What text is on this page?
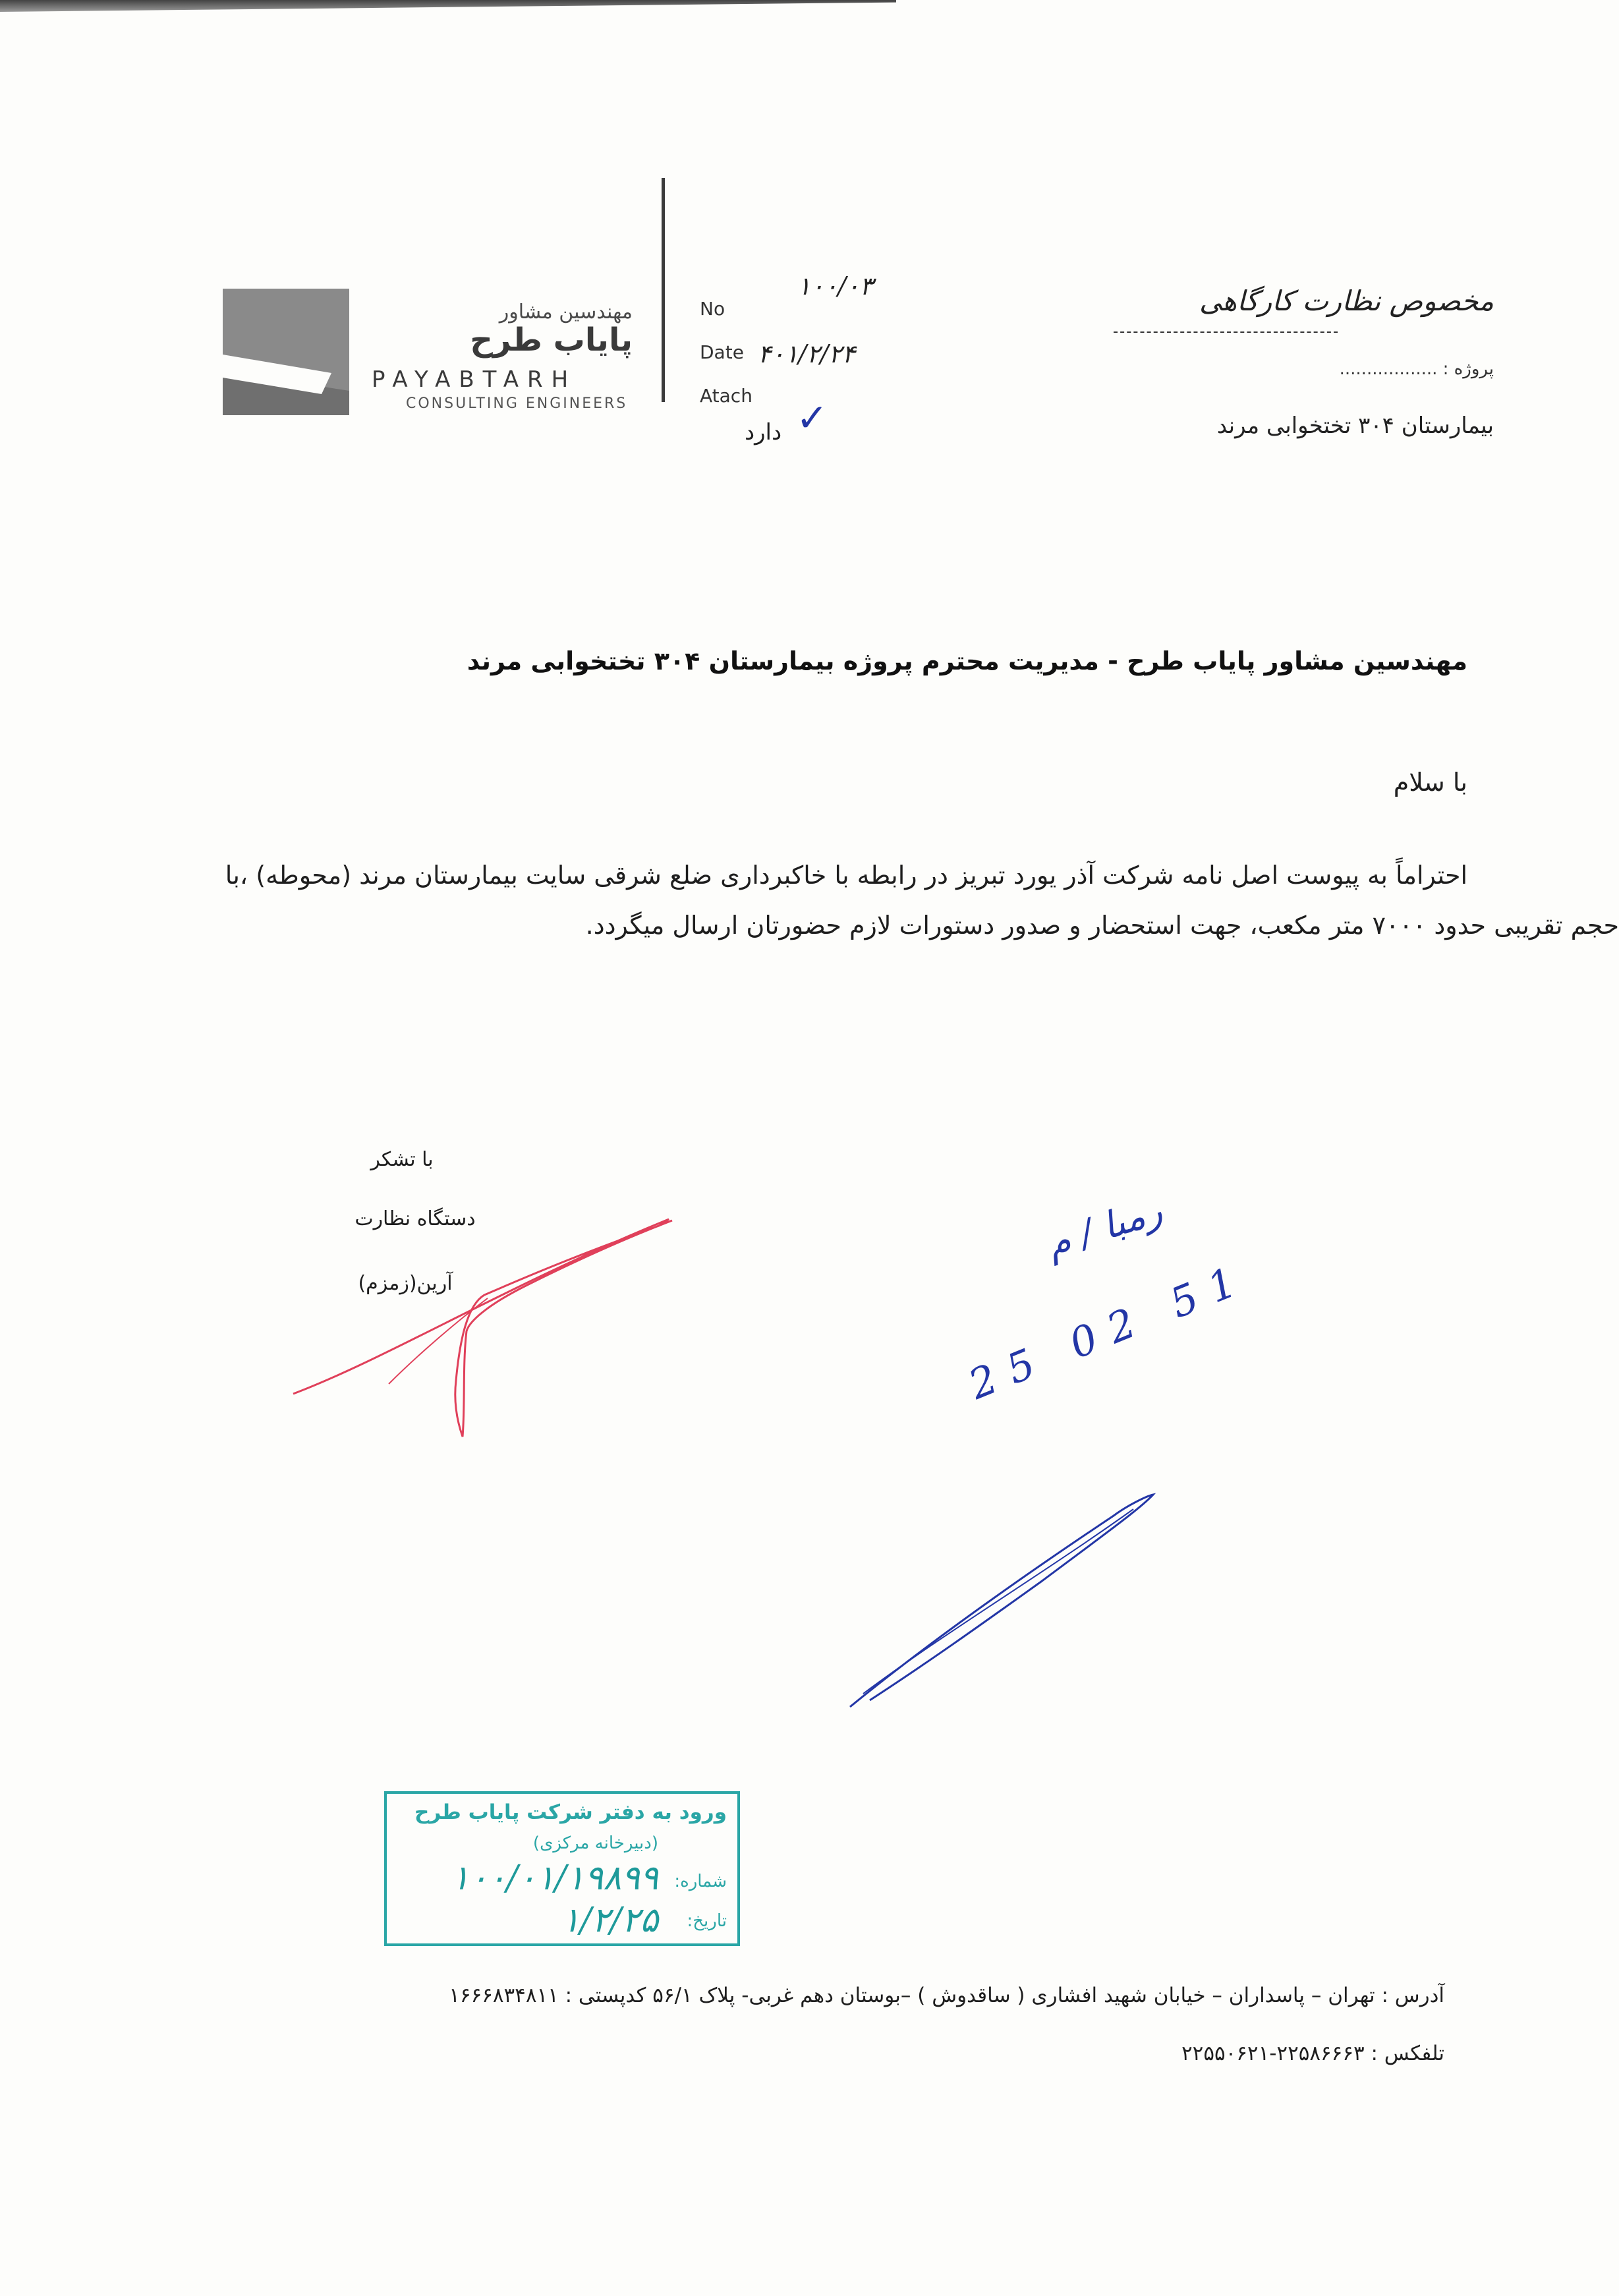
مهندسین مشاور
پایاب طرح
PAYABTARH
CONSULTING ENGINEERS
No
۱۰۰/۰۳
Date ۴۰۱/۲/۲۴
Atach ✓
دارد
مخصوص نظارت کارگاهی
پروژه : ..................
بیمارستان ۳۰۴ تختخوابی مرند
مهندسین مشاور پایاب طرح - مدیریت محترم پروژه بیمارستان ۳۰۴ تختخوابی مرند
با سلام
احتراماً به پیوست اصل نامه شرکت آذر یورد تبریز در رابطه با خاکبرداری ضلع شرقی سایت بیمارستان مرند (محوطه) ،با
حجم تقریبی حدود ۷۰۰۰ متر مکعب، جهت استحضار و صدور دستورات لازم حضورتان ارسال میگردد.
با تشکر
دستگاه نظارت
آرین(زمزم)
رمبا / م
25 02 51
ورود به دفتر شرکت پایاب طرح
(دبیرخانه مرکزی)
شماره:
۱۰۰/۰۱/۱۹۸۹۹
تاریخ:
۱/۲/۲۵
آدرس : تهران – پاسداران – خیابان شهید افشاری ( ساقدوش ) –بوستان دهم غربی- پلاک ۵۶/۱ کدپستی : ۱۶۶۶۸۳۴۸۱۱
تلفکس : ۲۲۵۸۶۶۶۳-۲۲۵۵۰۶۲۱
